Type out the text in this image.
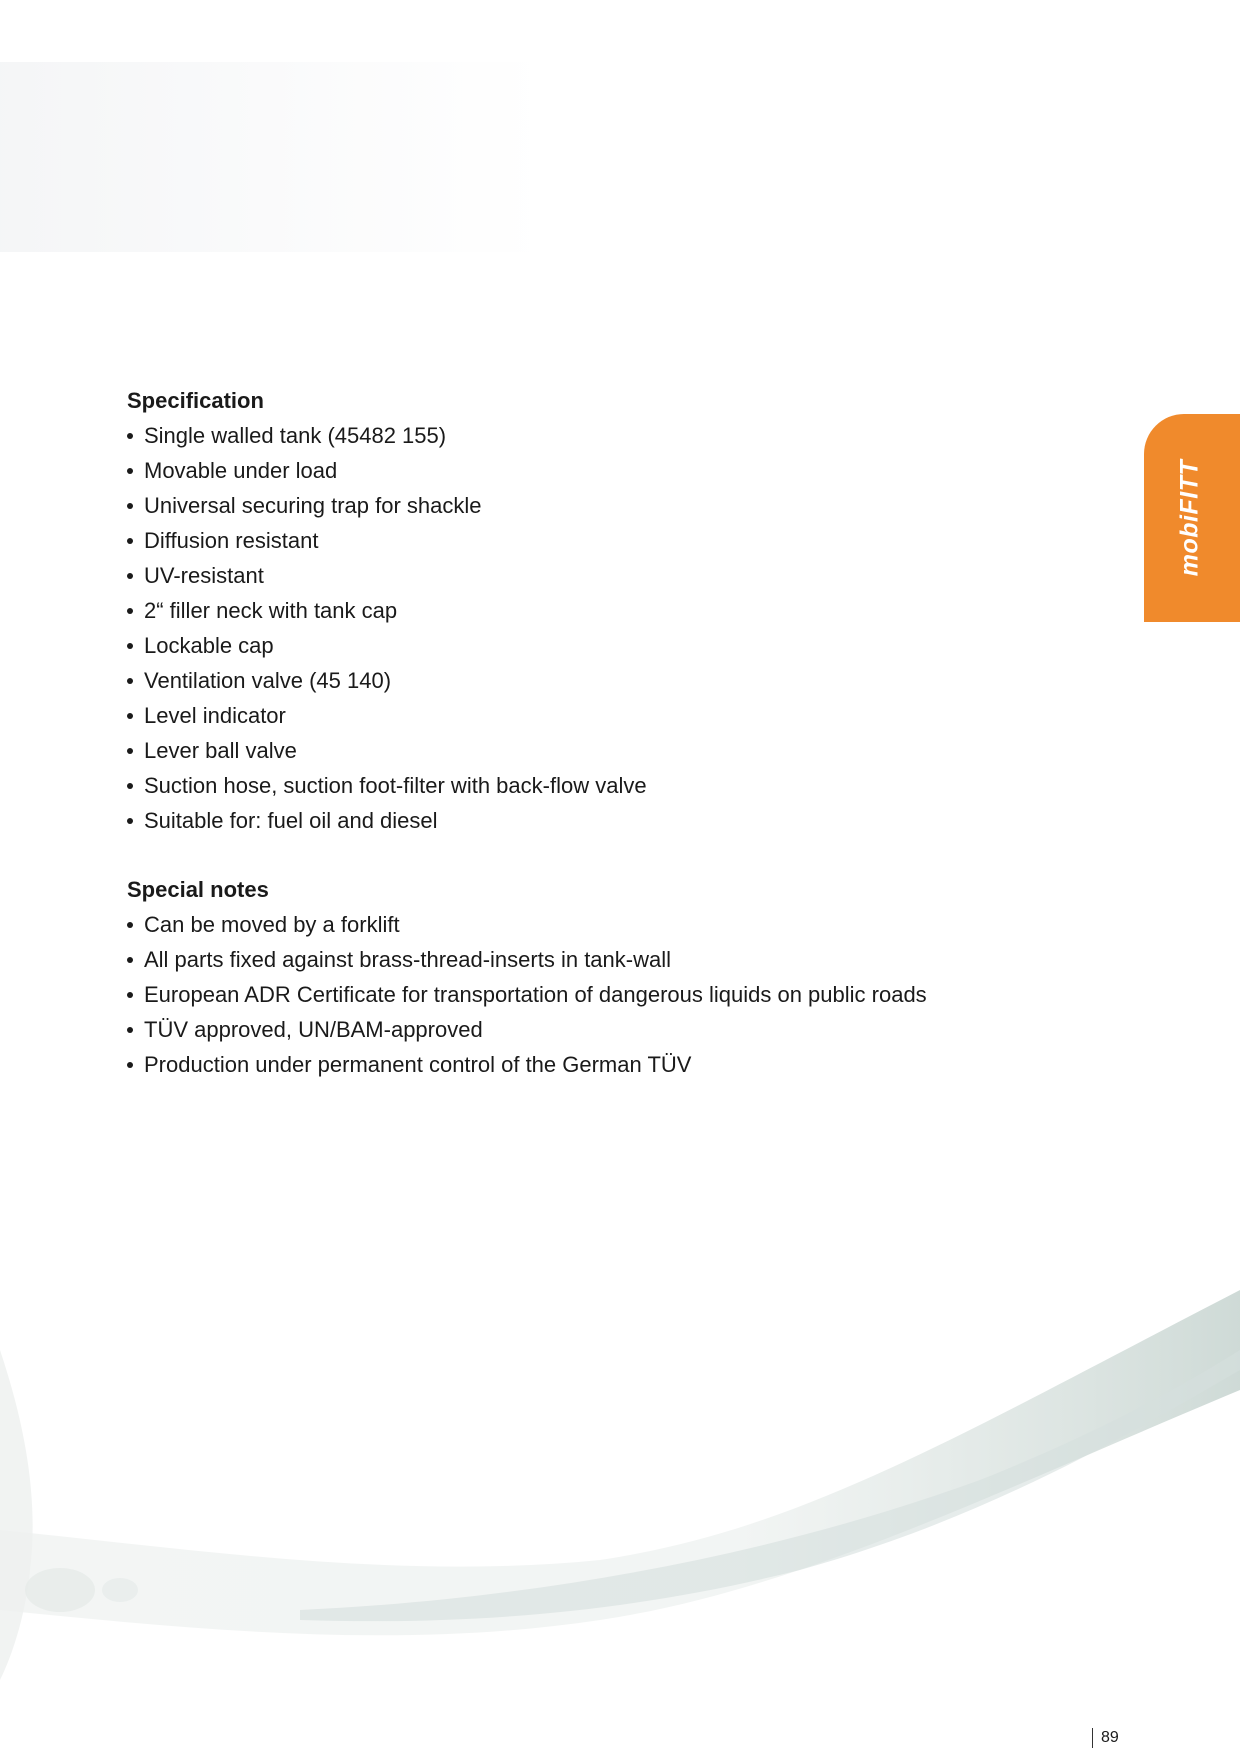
mobiFITT
Specification
Single walled tank (45482 155)
Movable under load
Universal securing trap for shackle
Diffusion resistant
UV-resistant
2“ filler neck with tank cap
Lockable cap
Ventilation valve (45 140)
Level indicator
Lever ball valve
Suction hose, suction foot-filter with back-flow valve
Suitable for: fuel oil and diesel
Special notes
Can be moved by a forklift
All parts fixed against brass-thread-inserts in tank-wall
European ADR Certificate for transportation of dangerous liquids on public roads
TÜV approved, UN/BAM-approved
Production under permanent control of the German TÜV
89
